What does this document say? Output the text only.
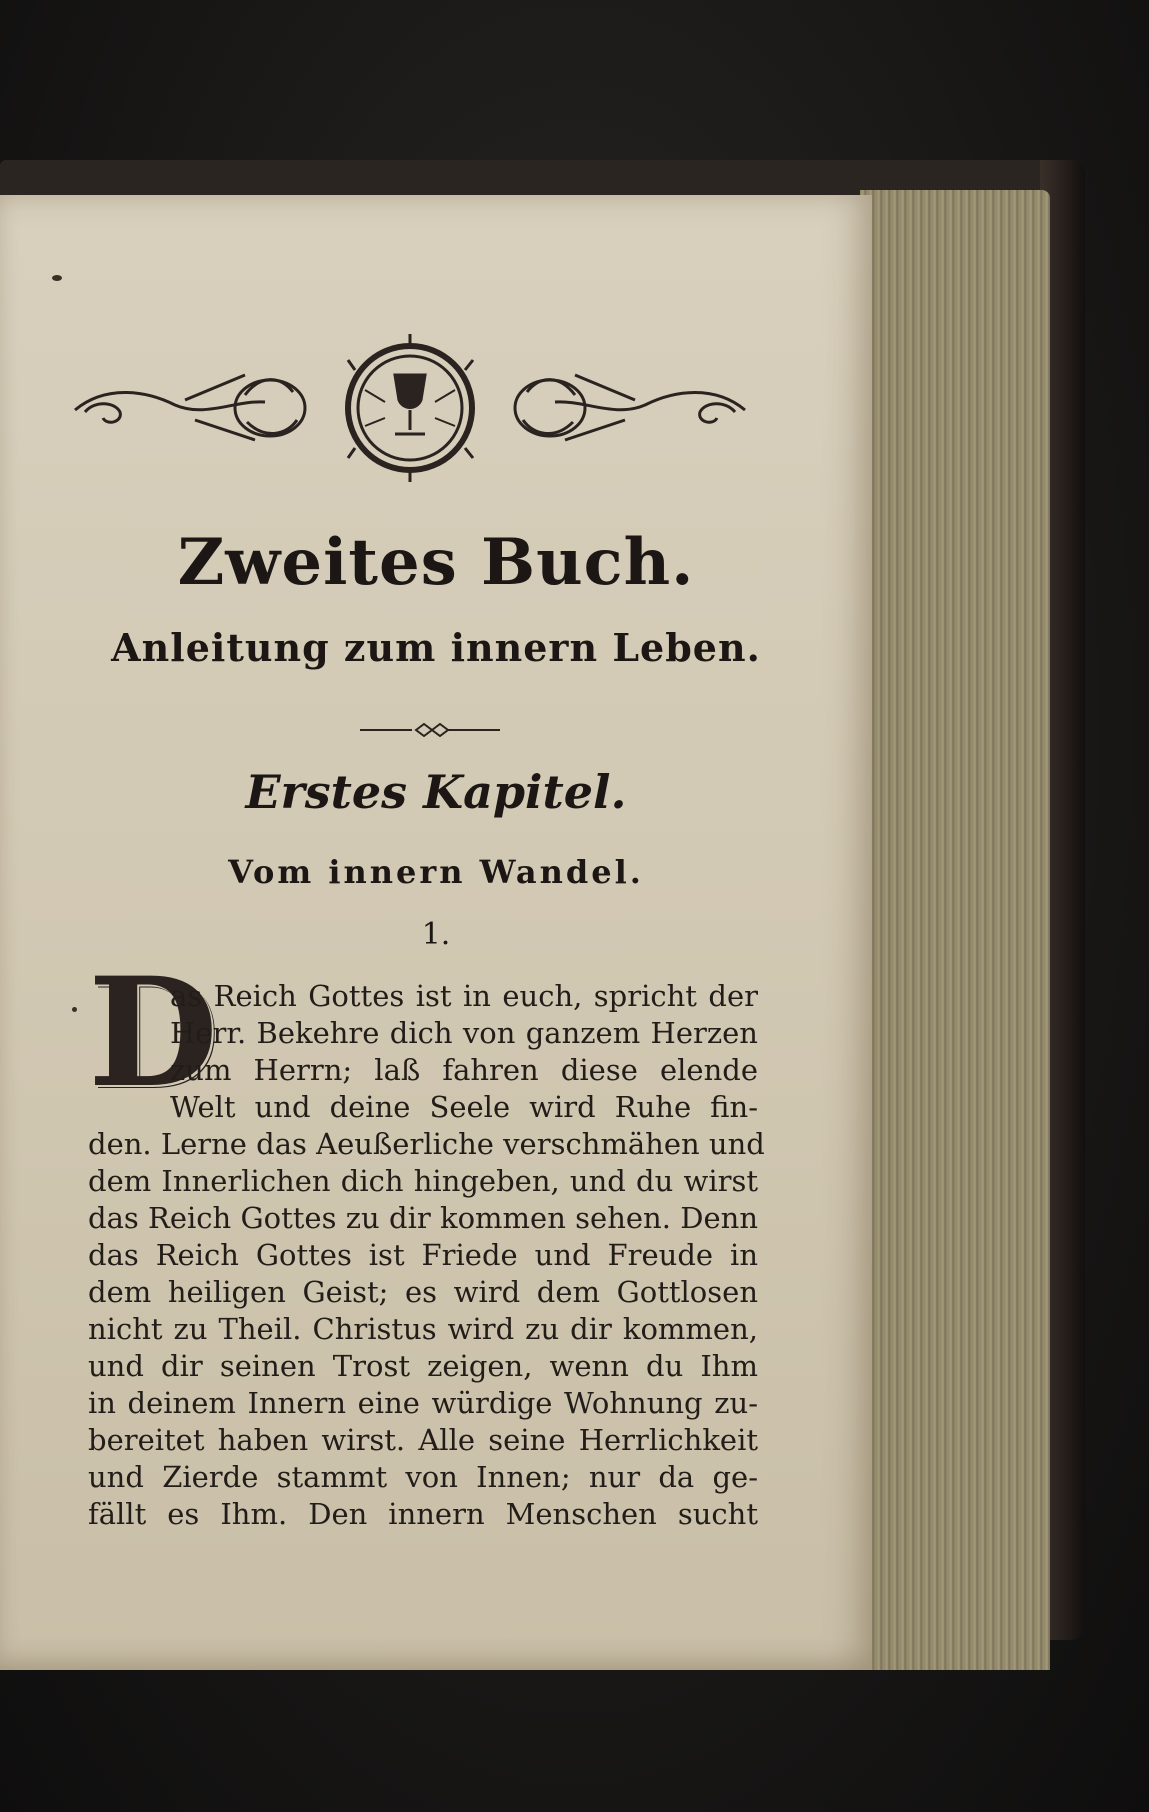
Zweites Buch.
Anleitung zum innern Leben.
Erstes Kapitel.
Vom innern Wandel.
1.
D
as Reich Gottes ist in euch, spricht der
Herr. Bekehre dich von ganzem Herzen
zum Herrn; laß fahren diese elende
Welt und deine Seele wird Ruhe fin-
den. Lerne das Aeußerliche verschmähen und
dem Innerlichen dich hingeben, und du wirst
das Reich Gottes zu dir kommen sehen. Denn
das Reich Gottes ist Friede und Freude in
dem heiligen Geist; es wird dem Gottlosen
nicht zu Theil. Christus wird zu dir kommen,
und dir seinen Trost zeigen, wenn du Ihm
in deinem Innern eine würdige Wohnung zu-
bereitet haben wirst. Alle seine Herrlichkeit
und Zierde stammt von Innen; nur da ge-
fällt es Ihm. Den innern Menschen sucht
